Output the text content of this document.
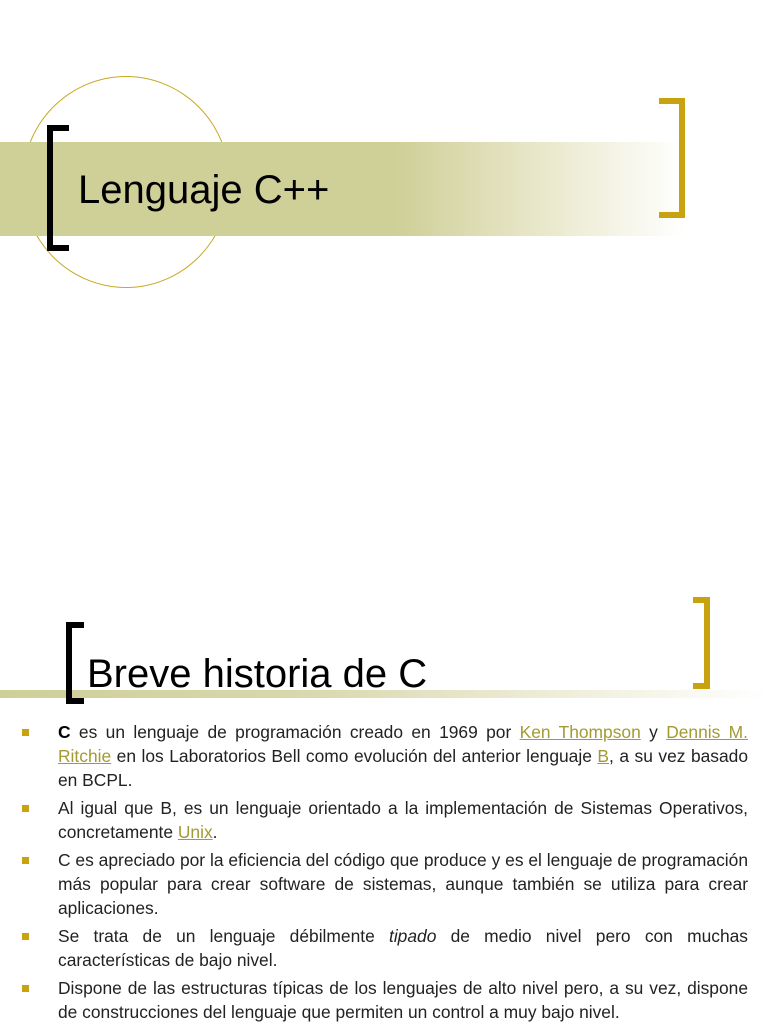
Lenguaje C++
Breve historia de C
C es un lenguaje de programación creado en 1969 por Ken Thompson y Dennis M. Ritchie en los Laboratorios Bell como evolución del anterior lenguaje B, a su vez basado en BCPL.
Al igual que B, es un lenguaje orientado a la implementación de Sistemas Operativos, concretamente Unix.
C es apreciado por la eficiencia del código que produce y es el lenguaje de programación más popular para crear software de sistemas, aunque también se utiliza para crear aplicaciones.
Se trata de un lenguaje débilmente tipado de medio nivel pero con muchas características de bajo nivel.
Dispone de las estructuras típicas de los lenguajes de alto nivel pero, a su vez, dispone de construcciones del lenguaje que permiten un control a muy bajo nivel.
